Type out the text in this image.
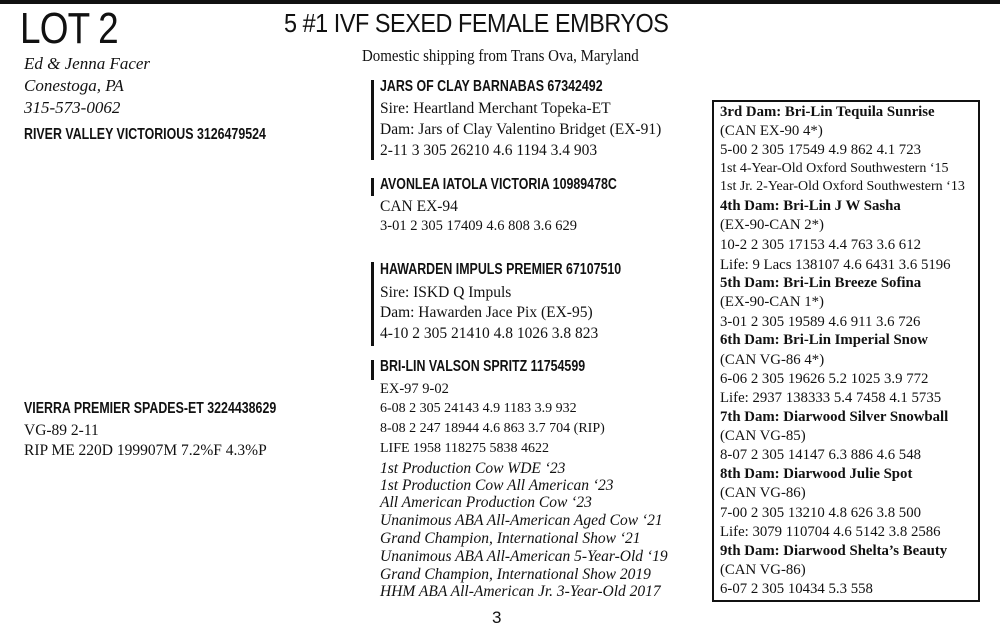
LOT 2	5 #1 IVF SEXED FEMALE EMBRYOS
Domestic shipping from Trans Ova, Maryland
Ed & Jenna Facer
Conestoga, PA
315-573-0062
RIVER VALLEY VICTORIOUS 3126479524
VIERRA PREMIER SPADES-ET 3224438629
VG-89 2-11
RIP ME 220D 199907M 7.2%F 4.3%P
JARS OF CLAY BARNABAS 67342492
Sire: Heartland Merchant Topeka-ET
Dam: Jars of Clay Valentino Bridget (EX-91)
2-11 3 305 26210 4.6 1194 3.4 903
AVONLEA IATOLA VICTORIA 10989478C
CAN EX-94
3-01 2 305 17409 4.6 808 3.6 629
HAWARDEN IMPULS PREMIER 67107510
Sire: ISKD Q Impuls
Dam: Hawarden Jace Pix (EX-95)
4-10 2 305 21410 4.8 1026 3.8 823
BRI-LIN VALSON SPRITZ 11754599
EX-97 9-02
6-08 2 305 24143 4.9 1183 3.9 932
8-08 2 247 18944 4.6 863 3.7 704 (RIP)
LIFE 1958 118275 5838 4622
1st Production Cow WDE ‘23
1st Production Cow All American ‘23
All American Production Cow ‘23
Unanimous ABA All-American Aged Cow ‘21
Grand Champion, International Show ‘21
Unanimous ABA All-American 5-Year-Old ‘19
Grand Champion, International Show 2019
HHM ABA All-American Jr. 3-Year-Old 2017
3rd Dam: Bri-Lin Tequila Sunrise
(CAN EX-90 4*)
5-00 2 305 17549 4.9 862 4.1 723
1st 4-Year-Old Oxford Southwestern ‘15
1st Jr. 2-Year-Old Oxford Southwestern ‘13
4th Dam: Bri-Lin J W Sasha
(EX-90-CAN 2*)
10-2 2 305 17153 4.4 763 3.6 612
Life: 9 Lacs 138107 4.6 6431 3.6 5196
5th Dam: Bri-Lin Breeze Sofina
(EX-90-CAN 1*)
3-01 2 305 19589 4.6 911 3.6 726
6th Dam: Bri-Lin Imperial Snow
(CAN VG-86 4*)
6-06 2 305 19626 5.2 1025 3.9 772
Life: 2937 138333 5.4 7458 4.1 5735
7th Dam: Diarwood Silver Snowball
(CAN VG-85)
8-07 2 305 14147 6.3 886 4.6 548
8th Dam: Diarwood Julie Spot
(CAN VG-86)
7-00 2 305 13210 4.8 626 3.8 500
Life: 3079 110704 4.6 5142 3.8 2586
9th Dam: Diarwood Shelta’s Beauty
(CAN VG-86)
6-07 2 305 10434 5.3 558
3
